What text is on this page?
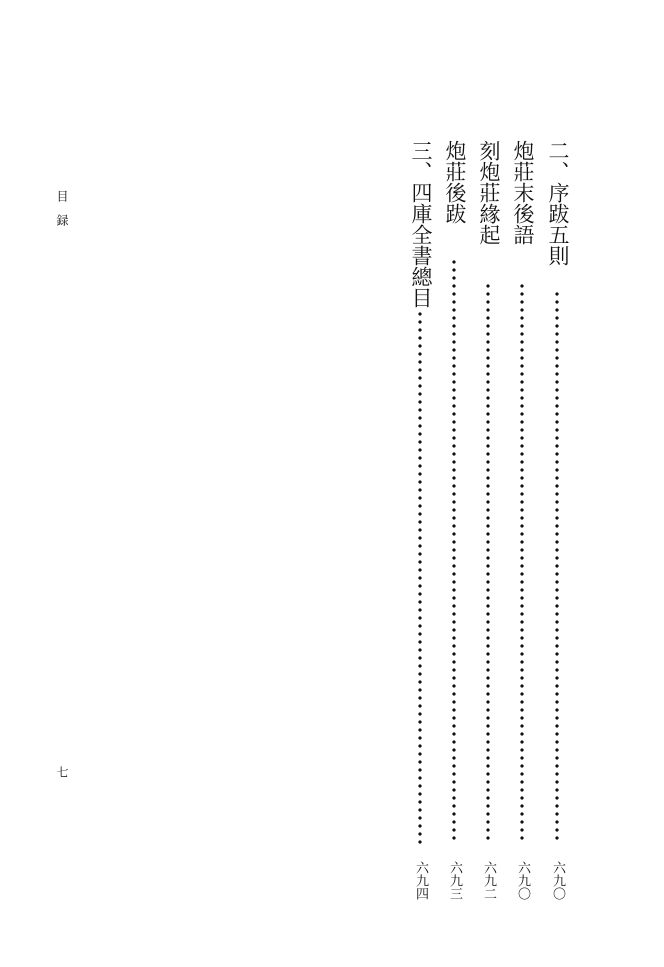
目録
七
二、序跋五則
六九〇
炮莊末後語
六九〇
刻炮莊緣起
六九二
炮莊後跋
六九三
三、四庫全書總目
六九四
